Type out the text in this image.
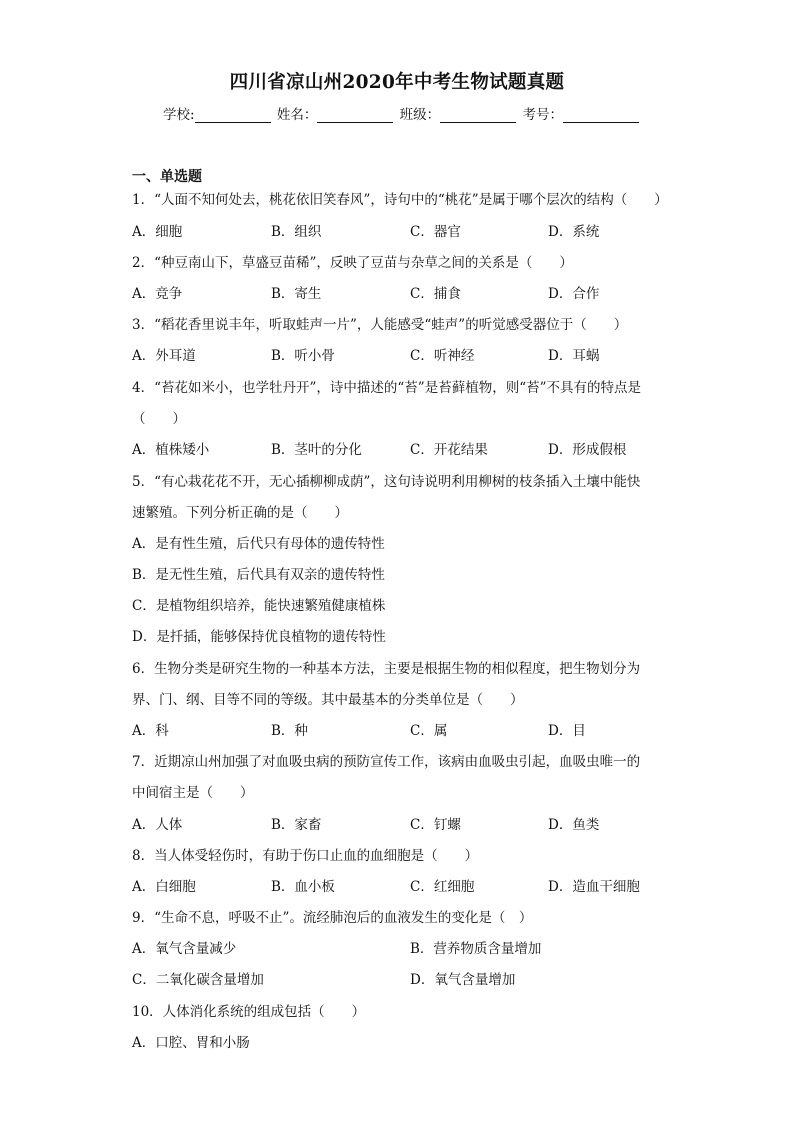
四川省凉山州2020年中考生物试题真题
学校:	姓名：	班级：	考号：
一、单选题
1．“人面不知何处去，桃花依旧笑春风”，诗句中的“桃花”是属于哪个层次的结构（　　）
A．细胞	B．组织	C．器官	D．系统
2．“种豆南山下，草盛豆苗稀”，反映了豆苗与杂草之间的关系是（　　）
A．竞争	B．寄生	C．捕食	D．合作
3．“稻花香里说丰年，听取蛙声一片”，人能感受“蛙声”的听觉感受器位于（　　）
A．外耳道	B．听小骨	C．听神经	D．耳蜗
4．“苔花如米小，也学牡丹开”，诗中描述的“苔”是苔藓植物，则“苔”不具有的特点是
（　　）
A．植株矮小	B．茎叶的分化	C．开花结果	D．形成假根
5．“有心栽花花不开，无心插柳柳成荫”，这句诗说明利用柳树的枝条插入土壤中能快
速繁殖。下列分析正确的是（　　）
A．是有性生殖，后代只有母体的遗传特性
B．是无性生殖，后代具有双亲的遗传特性
C．是植物组织培养，能快速繁殖健康植株
D．是扦插，能够保持优良植物的遗传特性
6．生物分类是研究生物的一种基本方法，主要是根据生物的相似程度，把生物划分为
界、门、纲、目等不同的等级。其中最基本的分类单位是（　　）
A．科	B．种	C．属	D．目
7．近期凉山州加强了对血吸虫病的预防宣传工作，该病由血吸虫引起，血吸虫唯一的
中间宿主是（　　）
A．人体	B．家畜	C．钉螺	D．鱼类
8．当人体受轻伤时，有助于伤口止血的血细胞是（　　）
A．白细胞	B．血小板	C．红细胞	D．造血干细胞
9．“生命不息，呼吸不止”。流经肺泡后的血液发生的变化是（　）
A．氧气含量减少	B．营养物质含量增加
C．二氧化碳含量增加	D．氧气含量增加
10．人体消化系统的组成包括（　　）
A．口腔、胃和小肠
